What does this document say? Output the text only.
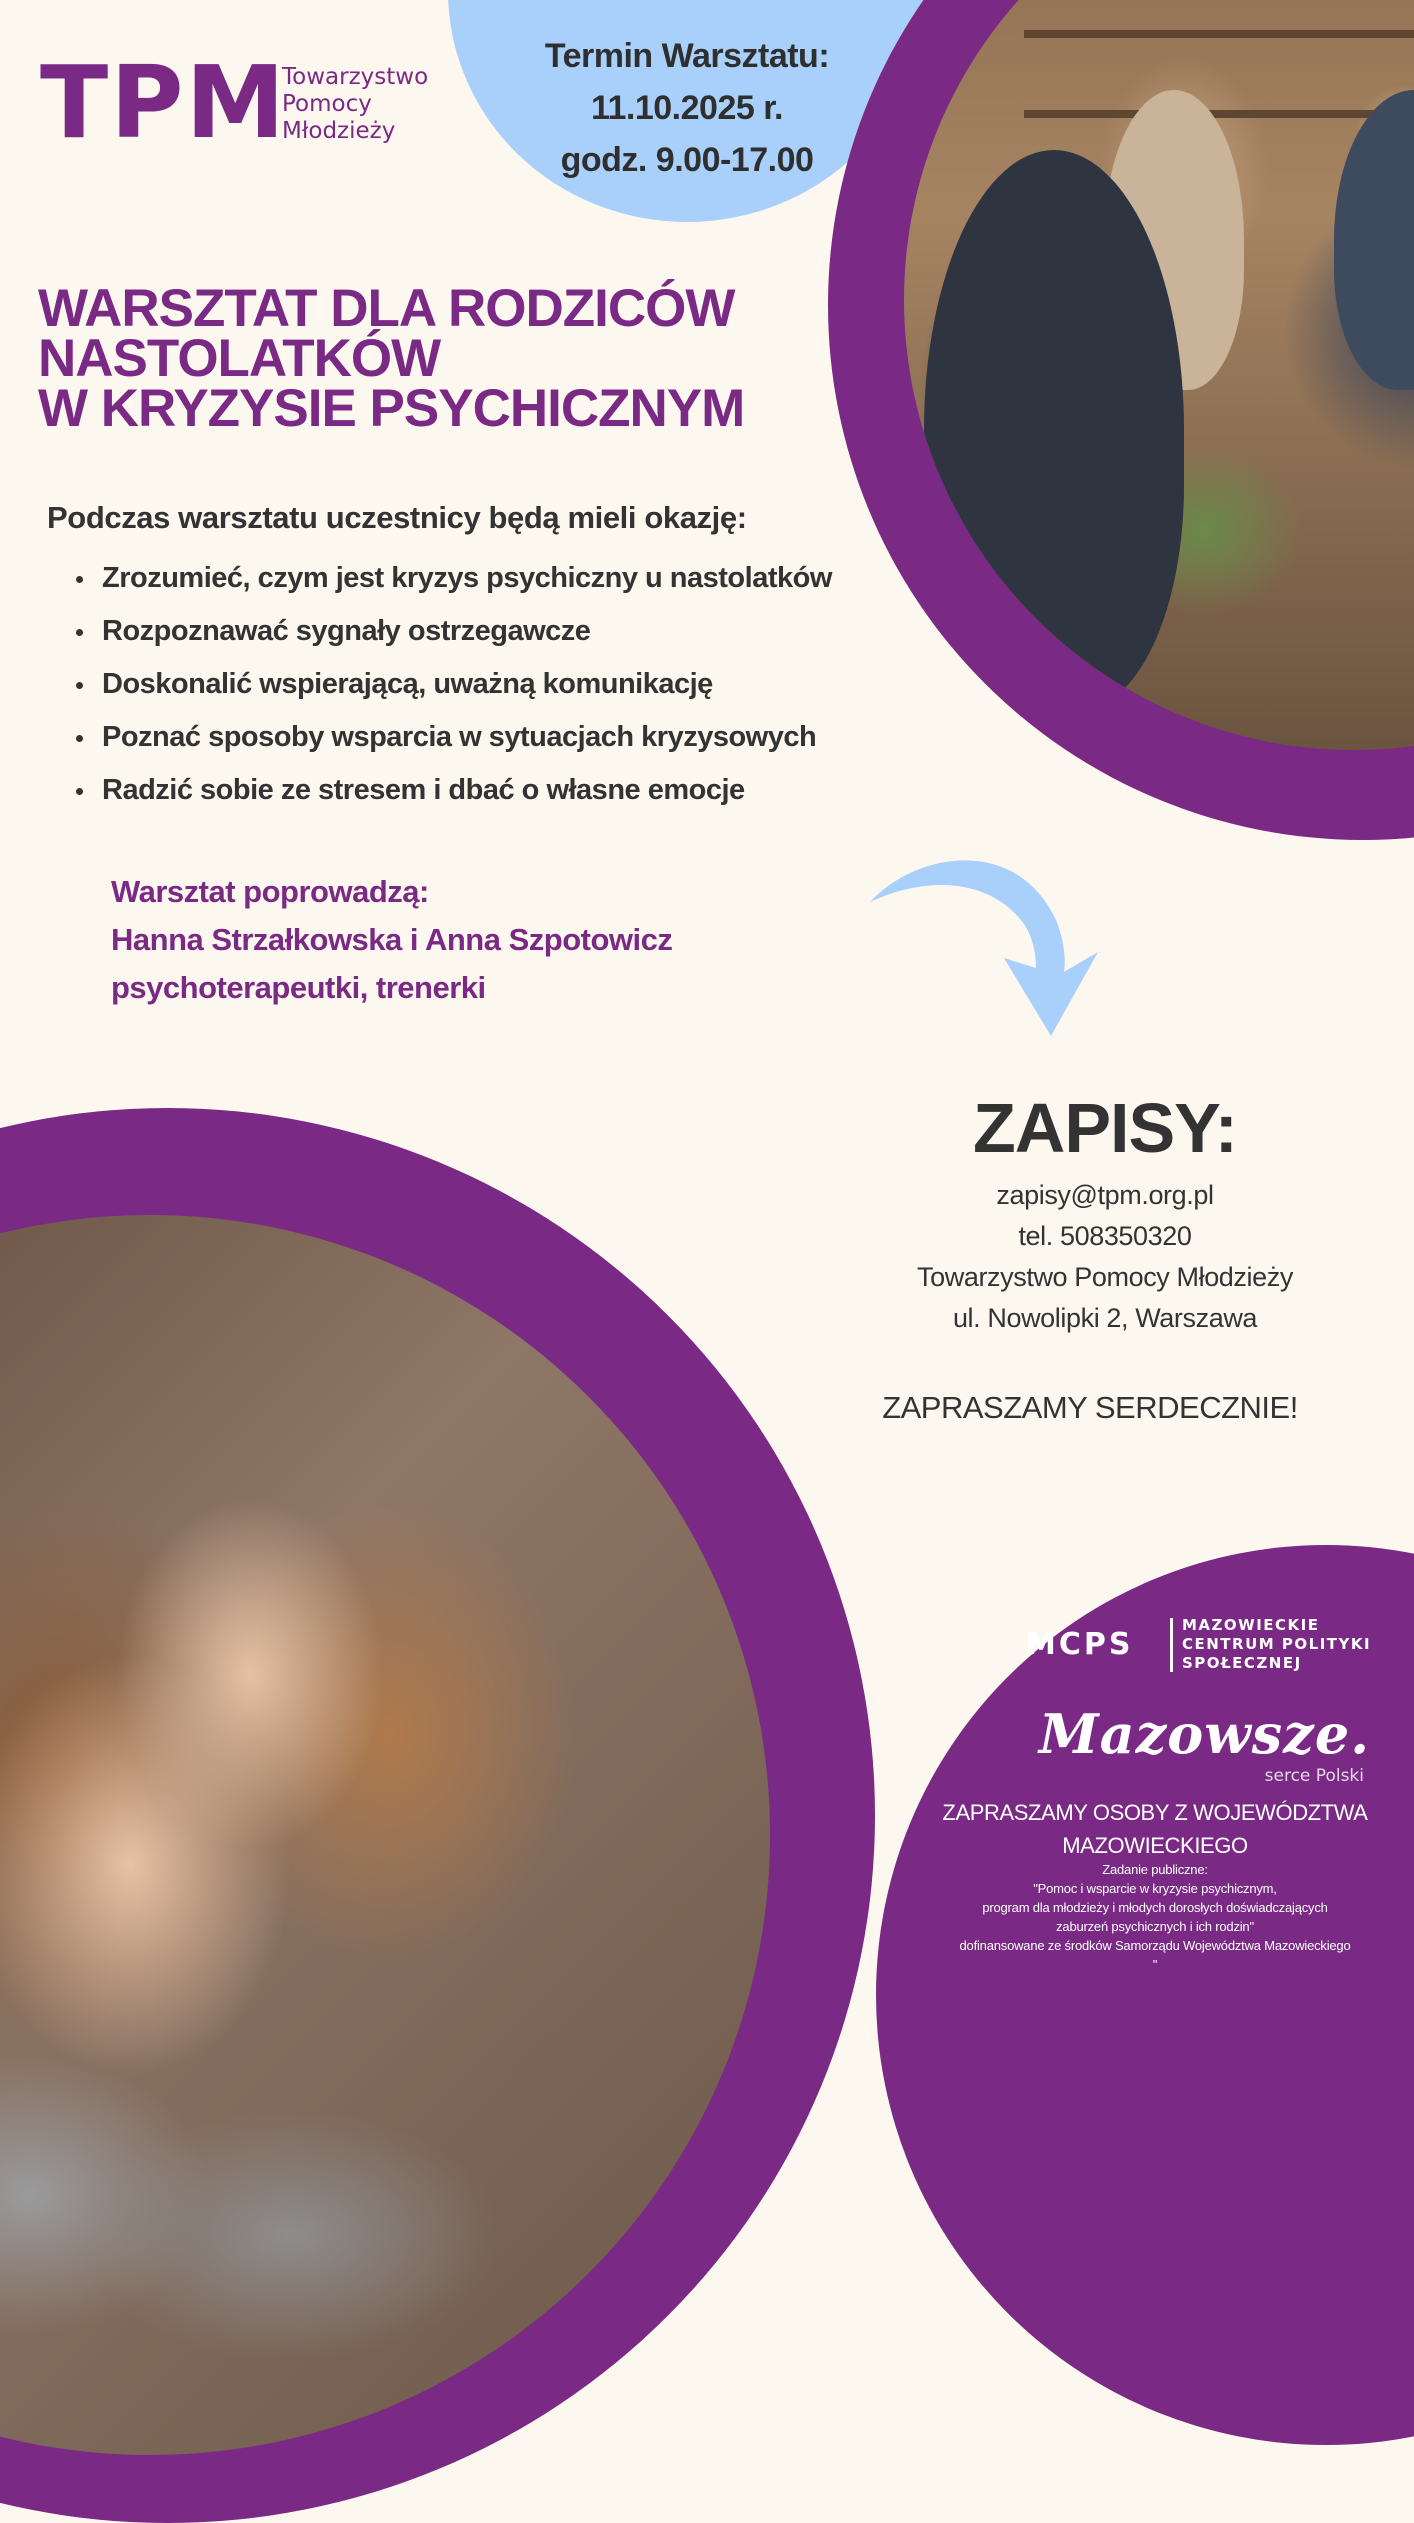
TPM
Towarzystwo
Pomocy
Młodzieży
Termin Warsztatu:
11.10.2025 r.
godz. 9.00-17.00
WARSZTAT DLA RODZICÓW
NASTOLATKÓW
W KRYZYSIE PSYCHICZNYM
Podczas warsztatu uczestnicy będą mieli okazję:
Zrozumieć, czym jest kryzys psychiczny u nastolatków
Rozpoznawać sygnały ostrzegawcze
Doskonalić wspierającą, uważną komunikację
Poznać sposoby wsparcia w sytuacjach kryzysowych
Radzić sobie ze stresem i dbać o własne emocje
Warsztat poprowadzą:
Hanna Strzałkowska i Anna Szpotowicz
psychoterapeutki, trenerki
ZAPISY:
zapisy@tpm.org.pl
tel. 508350320
Towarzystwo Pomocy Młodzieży
ul. Nowolipki 2, Warszawa
ZAPRASZAMY SERDECZNIE!
MCPS
MAZOWIECKIE
CENTRUM POLITYKI
SPOŁECZNEJ
Mazowsze.
serce Polski
ZAPRASZAMY OSOBY Z WOJEWÓDZTWA
MAZOWIECKIEGO
Zadanie publiczne:
"Pomoc i wsparcie w kryzysie psychicznym,
program dla młodzieży i młodych dorosłych doświadczających
zaburzeń psychicznych i ich rodzin"
dofinansowane ze środków Samorządu Województwa Mazowieckiego
"
